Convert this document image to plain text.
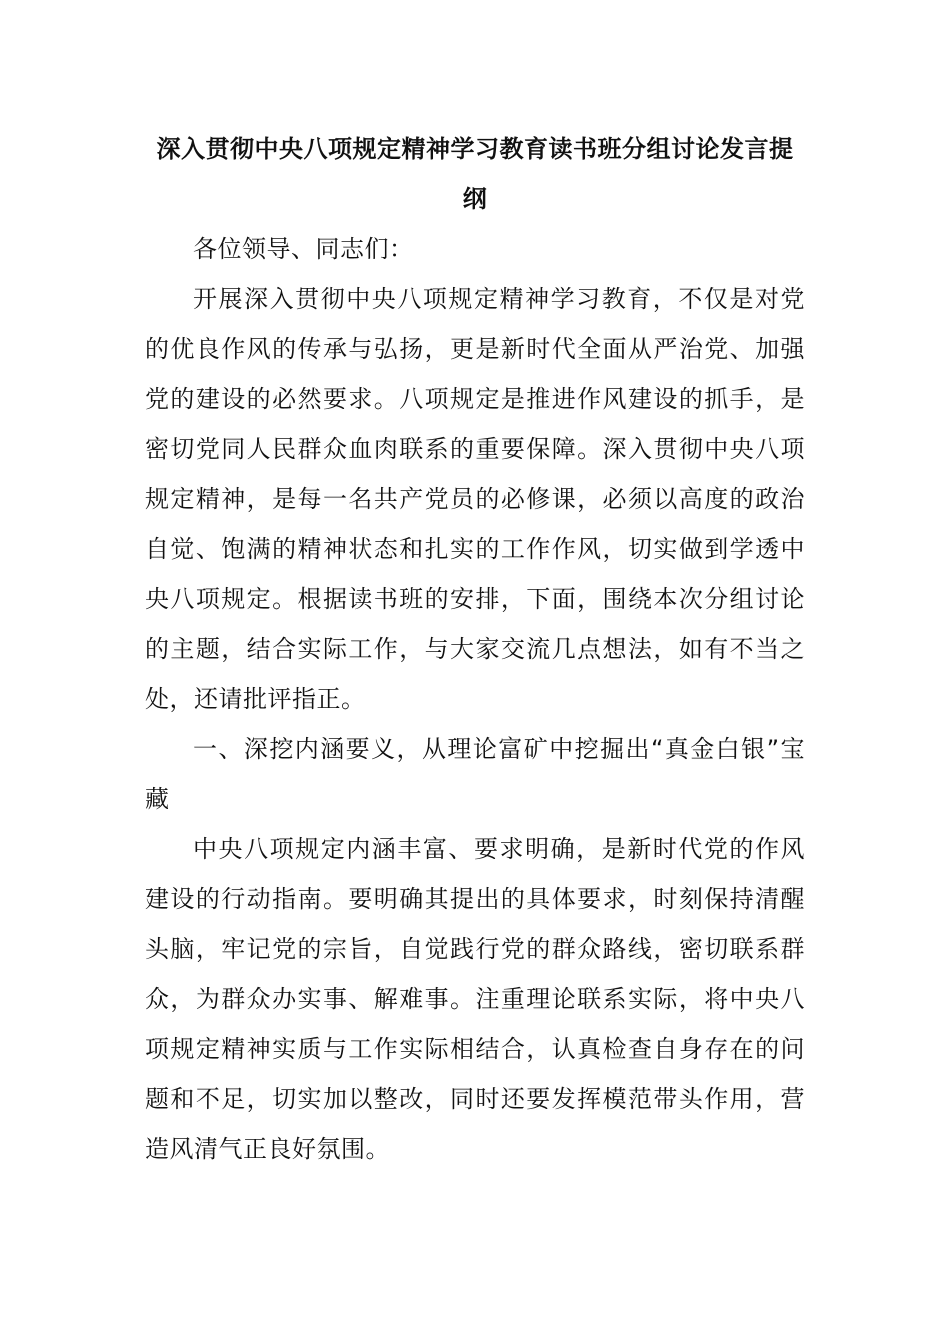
深入贯彻中央八项规定精神学习教育读书班分组讨论发言提纲

各位领导、同志们：

开展深入贯彻中央八项规定精神学习教育，不仅是对党的优良作风的传承与弘扬，更是新时代全面从严治党、加强党的建设的必然要求。八项规定是推进作风建设的抓手，是密切党同人民群众血肉联系的重要保障。深入贯彻中央八项规定精神，是每一名共产党员的必修课，必须以高度的政治自觉、饱满的精神状态和扎实的工作作风，切实做到学透中央八项规定。根据读书班的安排，下面，围绕本次分组讨论的主题，结合实际工作，与大家交流几点想法，如有不当之处，还请批评指正。

一、深挖内涵要义，从理论富矿中挖掘出“真金白银”宝藏

中央八项规定内涵丰富、要求明确，是新时代党的作风建设的行动指南。要明确其提出的具体要求，时刻保持清醒头脑，牢记党的宗旨，自觉践行党的群众路线，密切联系群众，为群众办实事、解难事。注重理论联系实际，将中央八项规定精神实质与工作实际相结合，认真检查自身存在的问题和不足，切实加以整改，同时还要发挥模范带头作用，营造风清气正良好氛围。
